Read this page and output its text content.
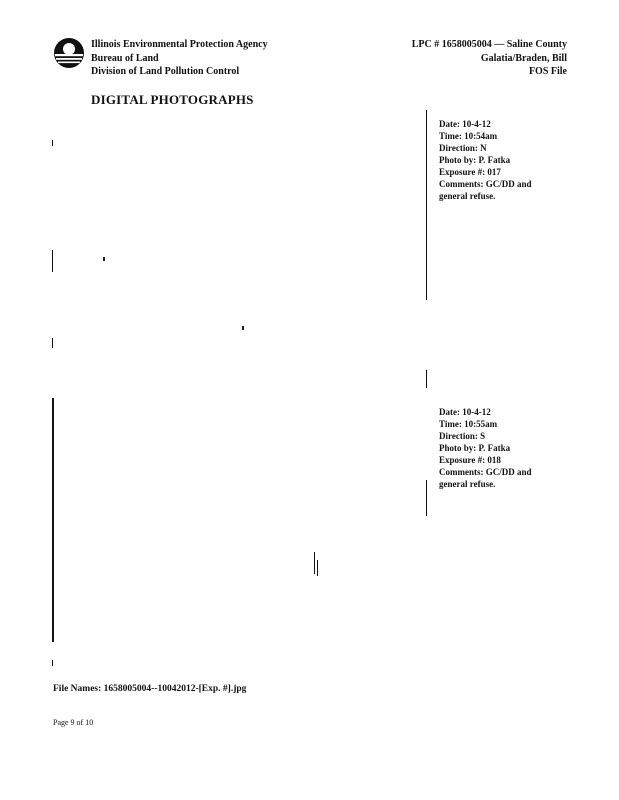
Illinois Environmental Protection Agency
Bureau of Land
Division of Land Pollution Control
LPC # 1658005004 — Saline County
Galatia/Braden, Bill
FOS File
DIGITAL PHOTOGRAPHS
Date: 10-4-12
Time: 10:54am
Direction: N
Photo by: P. Fatka
Exposure #: 017
Comments: GC/DD and general refuse.
Date: 10-4-12
Time: 10:55am
Direction: S
Photo by: P. Fatka
Exposure #: 018
Comments: GC/DD and general refuse.
File Names: 1658005004--10042012-[Exp. #].jpg
Page 9 of 10
